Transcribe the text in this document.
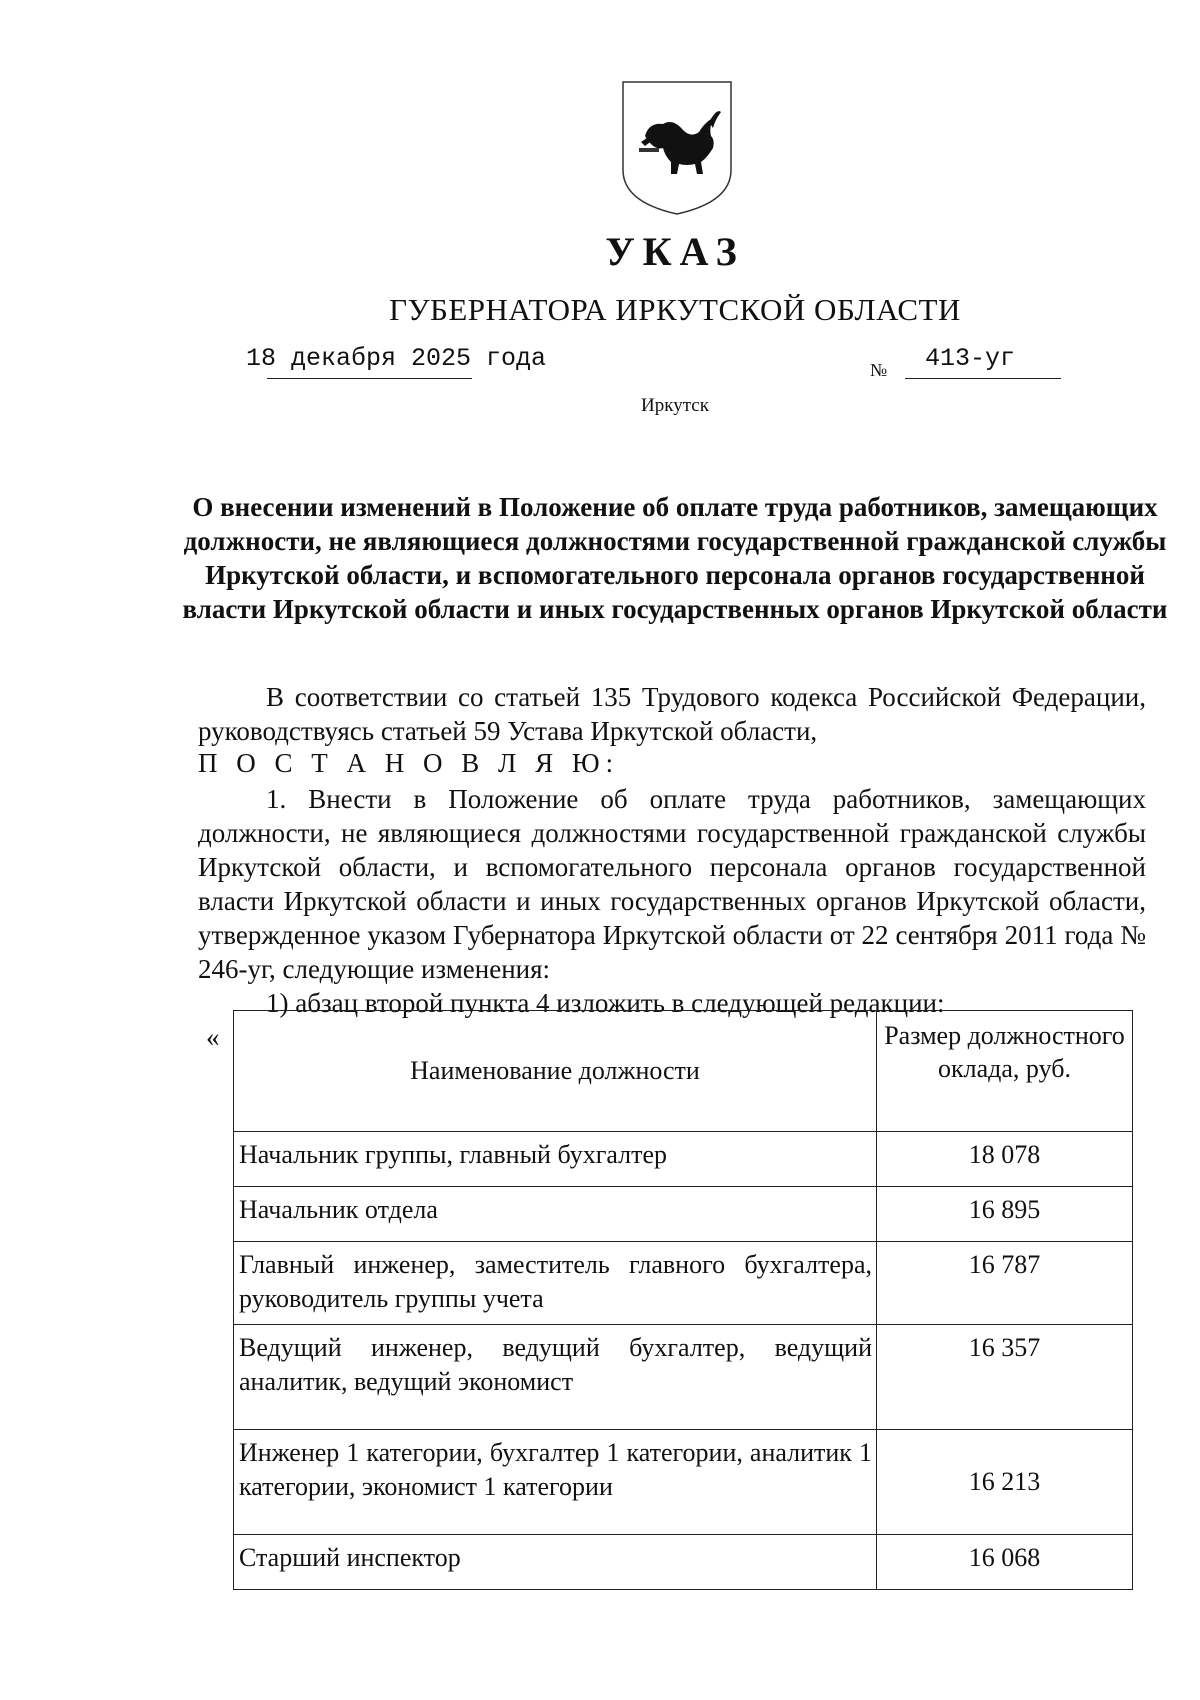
УКАЗ
ГУБЕРНАТОРА ИРКУТСКОЙ ОБЛАСТИ
18 декабря 2025 года	№ 413-уг
Иркутск
О внесении изменений в Положение об оплате труда работников, замещающих должности, не являющиеся должностями государственной гражданской службы Иркутской области, и вспомогательного персонала органов государственной власти Иркутской области и иных государственных органов Иркутской области
В соответствии со статьей 135 Трудового кодекса Российской Федерации, руководствуясь статьей 59 Устава Иркутской области,
П О С Т А Н О В Л Я Ю:
1. Внести в Положение об оплате труда работников, замещающих должности, не являющиеся должностями государственной гражданской службы Иркутской области, и вспомогательного персонала органов государственной власти Иркутской области и иных государственных органов Иркутской области, утвержденное указом Губернатора Иркутской области от 22 сентября 2011 года № 246-уг, следующие изменения:
1) абзац второй пункта 4 изложить в следующей редакции:
«
Наименование должности	Размер должностного оклада, руб.
Начальник группы, главный бухгалтер	18 078
Начальник отдела	16 895
Главный инженер, заместитель главного бухгалтера, руководитель группы учета	16 787
Ведущий инженер, ведущий бухгалтер, ведущий аналитик, ведущий экономист	16 357
Инженер 1 категории, бухгалтер 1 категории, аналитик 1 категории, экономист 1 категории	16 213
Старший инспектор	16 068
